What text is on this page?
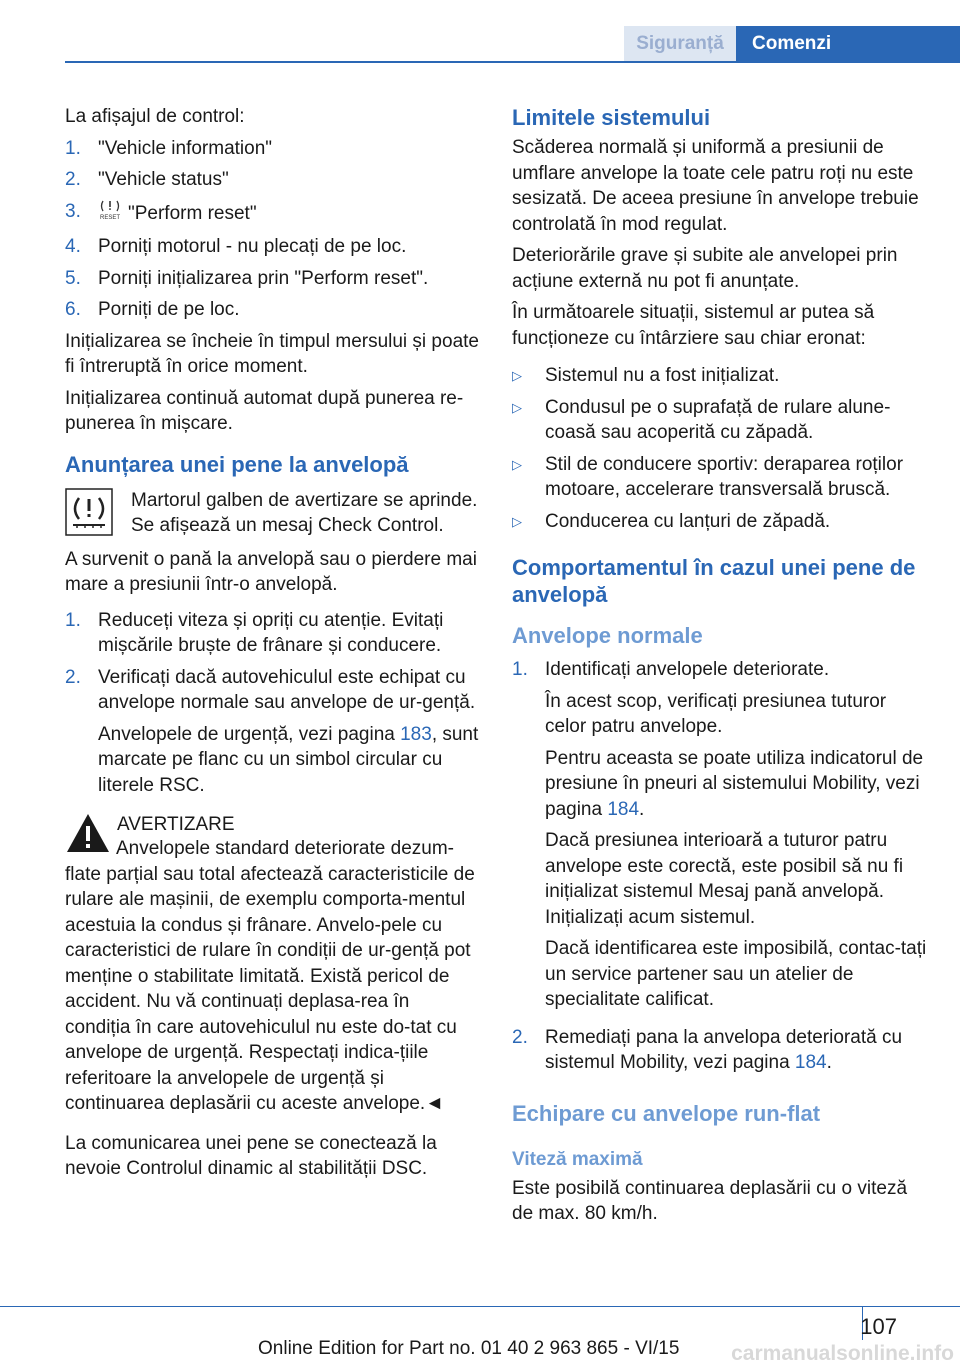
Siguranță	Comenzi

La afișajul de control:

1. "Vehicle information"
2. "Vehicle status"
3.	RESET "Perform reset"
4. Porniți motorul - nu plecați de pe loc.
5. Porniți inițializarea prin "Perform reset".
6. Porniți de pe loc.

Inițializarea se încheie în timpul mersului și poate fi întreruptă în orice moment.

Inițializarea continuă automat după punerea re-punerea în mișcare.

Anunțarea unei pene la anvelopă

Martorul galben de avertizare se aprinde. Se afișează un mesaj Check Control.

A survenit o pană la anvelopă sau o pierdere mai mare a presiunii într-o anvelopă.

1. Reduceți viteza și opriți cu atenție. Evitați mișcările bruște de frânare și conducere.
2. Verificați dacă autovehiculul este echipat cu anvelope normale sau anvelope de ur-gență.

Anvelopele de urgență, vezi pagina 183, sunt marcate pe flanc cu un simbol circular cu literele RSC.

AVERTIZARE

Anvelopele standard deteriorate dezum-flate parțial sau total afectează caracteristicile de rulare ale mașinii, de exemplu comporta-mentul acestuia la condus și frânare. Anvelo-pele cu caracteristici de rulare în condiții de ur-gență pot menține o stabilitate limitată. Există pericol de accident. Nu vă continuați deplasa-rea în condiția în care autovehiculul nu este do-tat cu anvelope de urgență. Respectați indica-țiile referitoare la anvelopele de urgență și continuarea deplasării cu aceste anvelope.◄

La comunicarea unei pene se conectează la nevoie Controlul dinamic al stabilității DSC.

Limitele sistemului

Scăderea normală și uniformă a presiunii de umflare anvelope la toate cele patru roți nu este sesizată. De aceea presiune în anvelope trebuie controlată în mod regulat.

Deteriorările grave și subite ale anvelopei prin acțiune externă nu pot fi anunțate.

În următoarele situații, sistemul ar putea să funcționeze cu întârziere sau chiar eronat:

▷	Sistemul nu a fost inițializat.
▷	Condusul pe o suprafață de rulare alune-coasă sau acoperită cu zăpadă.
▷	Stil de conducere sportiv: deraparea roților motoare, accelerare transversală bruscă.
▷	Conducerea cu lanțuri de zăpadă.
Comportamentul în cazul unei pene de anvelopă
Anvelope normale
1. Identificați anvelopele deteriorate.

În acest scop, verificați presiunea tuturor celor patru anvelope.

Pentru aceasta se poate utiliza indicatorul de presiune în pneuri al sistemului Mobility, vezi pagina 184.

Dacă presiunea interioară a tuturor patru anvelope este corectă, este posibil să nu fi inițializat sistemul Mesaj pană anvelopă. Inițializați acum sistemul.

Dacă identificarea este imposibilă, contac-tați un service partener sau un atelier de specialitate calificat.

2. Remediați pana la anvelopa deteriorată cu sistemul Mobility, vezi pagina 184.

Echipare cu anvelope run-flat
Viteză maximă

Este posibilă continuarea deplasării cu o viteză de max. 80 km/h.

107
Online Edition for Part no. 01 40 2 963 865 - VI/15 carmanualsonline.info
